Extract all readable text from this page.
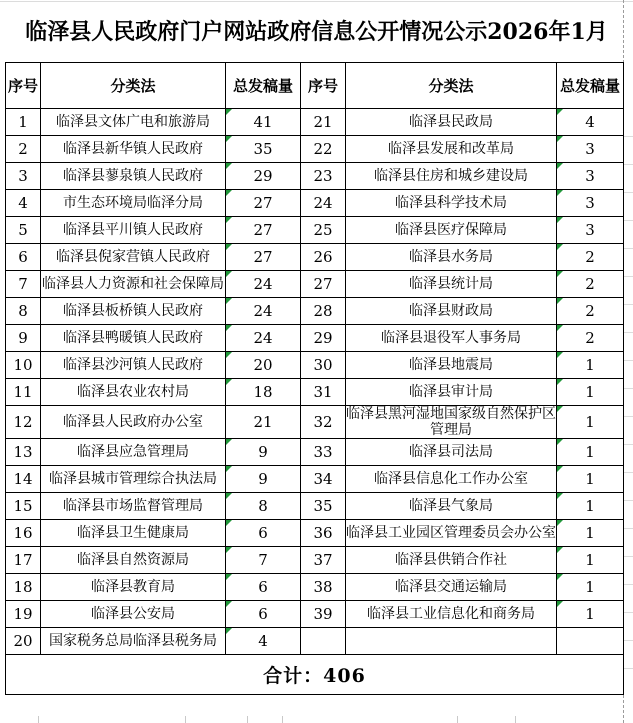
临泽县人民政府门户网站政府信息公开情况公示2026年1月
序号	分类法	总发稿量	序号	分类法	总发稿量
1	临泽县文体广电和旅游局	41	21	临泽县民政局	4
2	临泽县新华镇人民政府	35	22	临泽县发展和改革局	3
3	临泽县蓼泉镇人民政府	29	23	临泽县住房和城乡建设局	3
4	市生态环境局临泽分局	27	24	临泽县科学技术局	3
5	临泽县平川镇人民政府	27	25	临泽县医疗保障局	3
6	临泽县倪家营镇人民政府	27	26	临泽县水务局	2
7	临泽县人力资源和社会保障局	24	27	临泽县统计局	2
8	临泽县板桥镇人民政府	24	28	临泽县财政局	2
9	临泽县鸭暖镇人民政府	24	29	临泽县退役军人事务局	2
10	临泽县沙河镇人民政府	20	30	临泽县地震局	1
11	临泽县农业农村局	18	31	临泽县审计局	1
12	临泽县人民政府办公室	21	32	临泽县黑河湿地国家级自然保护区管理局	1
13	临泽县应急管理局	9	33	临泽县司法局	1
14	临泽县城市管理综合执法局	9	34	临泽县信息化工作办公室	1
15	临泽县市场监督管理局	8	35	临泽县气象局	1
16	临泽县卫生健康局	6	36	临泽县工业园区管理委员会办公室	1
17	临泽县自然资源局	7	37	临泽县供销合作社	1
18	临泽县教育局	6	38	临泽县交通运输局	1
19	临泽县公安局	6	39	临泽县工业信息化和商务局	1
20	国家税务总局临泽县税务局	4			
合计：406					
